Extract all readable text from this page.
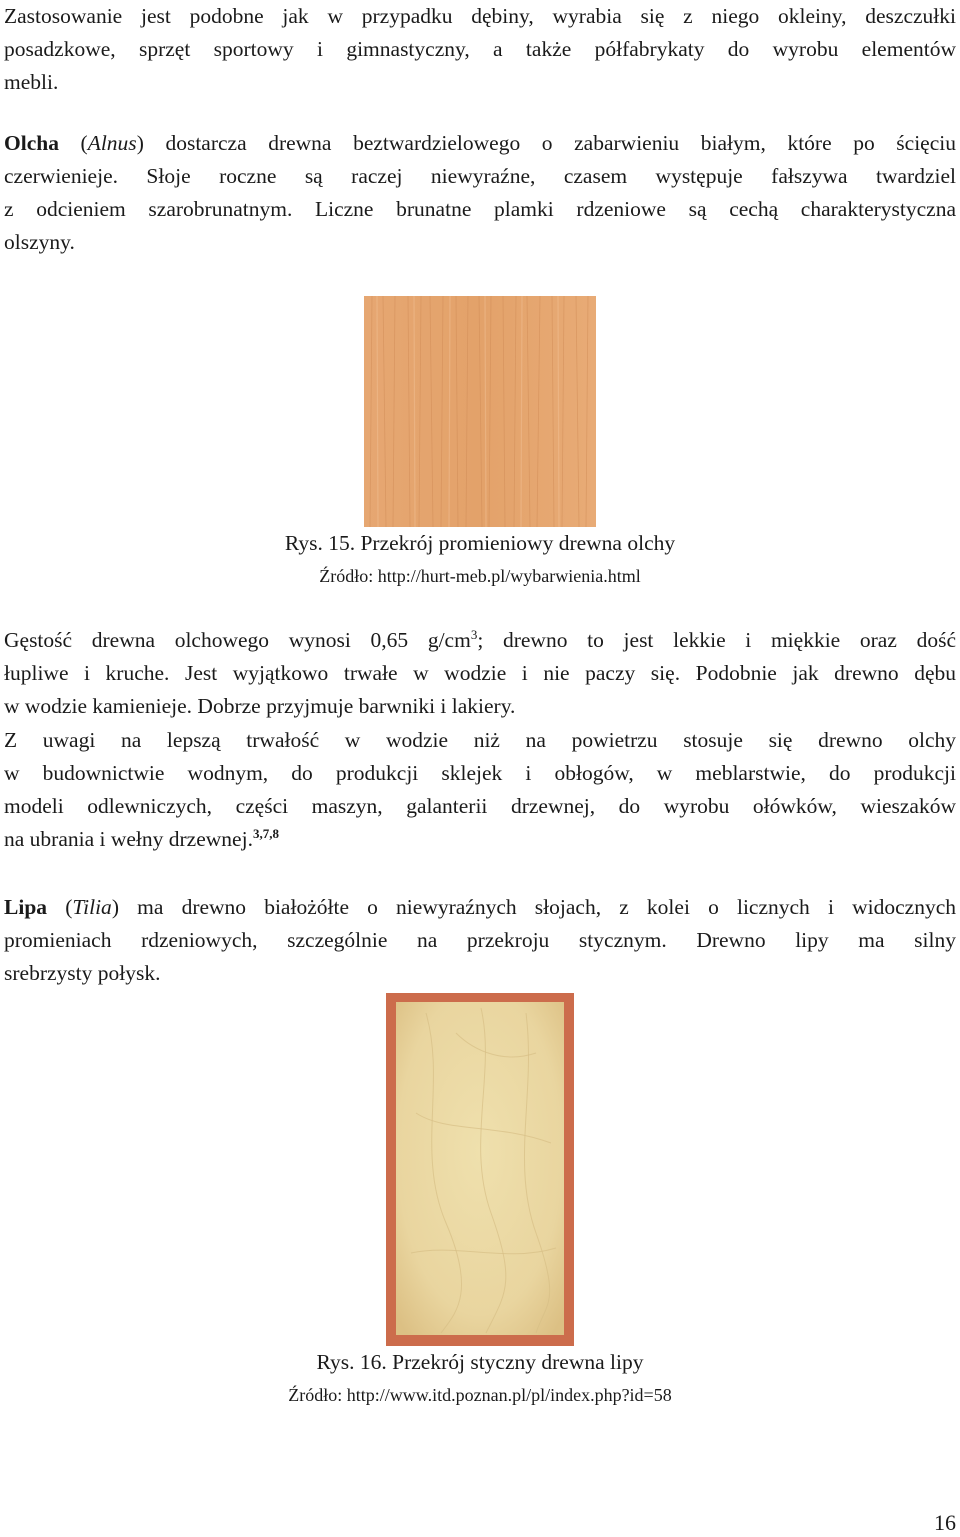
Zastosowanie jest podobne jak w przypadku dębiny, wyrabia się z niego okleiny, deszczułki
posadzkowe, sprzęt sportowy i gimnastyczny, a także półfabrykaty do wyrobu elementów
mebli.
Olcha (Alnus) dostarcza drewna beztwardzielowego o zabarwieniu białym, które po ścięciu
czerwienieje. Słoje roczne są raczej niewyraźne, czasem występuje fałszywa twardziel
z odcieniem szarobrunatnym. Liczne brunatne plamki rdzeniowe są cechą charakterystyczna
olszyny.

Rys. 15. Przekrój promieniowy drewna olchy

Źródło: http://hurt-meb.pl/wybarwienia.html

Gęstość drewna olchowego wynosi 0,65 $g/cm^3$; drewno to jest lekkie i miękkie oraz dość
łupliwe i kruche. Jest wyjątkowo trwałe w wodzie i nie paczy się. Podobnie jak drewno dębu
w wodzie kamienieje. Dobrze przyjmuje barwniki i lakiery.
Z uwagi na lepszą trwałość w wodzie niż na powietrzu stosuje się drewno olchy
w budownictwie wodnym, do produkcji sklejek i obłogów, w meblarstwie, do produkcji
modeli odlewniczych, części maszyn, galanterii drzewnej, do wyrobu ołówków, wieszaków
na ubrania i wełny drzewnej.$^{3,7,8}$
Lipa (Tilia) ma drewno białożółte o niewyraźnych słojach, z kolei o licznych i widocznych
promieniach rdzeniowych, szczególnie na przekroju stycznym. Drewno lipy ma silny
srebrzysty połysk.

Rys. 16. Przekrój styczny drewna lipy

Źródło: http://www.itd.poznan.pl/pl/index.php?id=58

16
